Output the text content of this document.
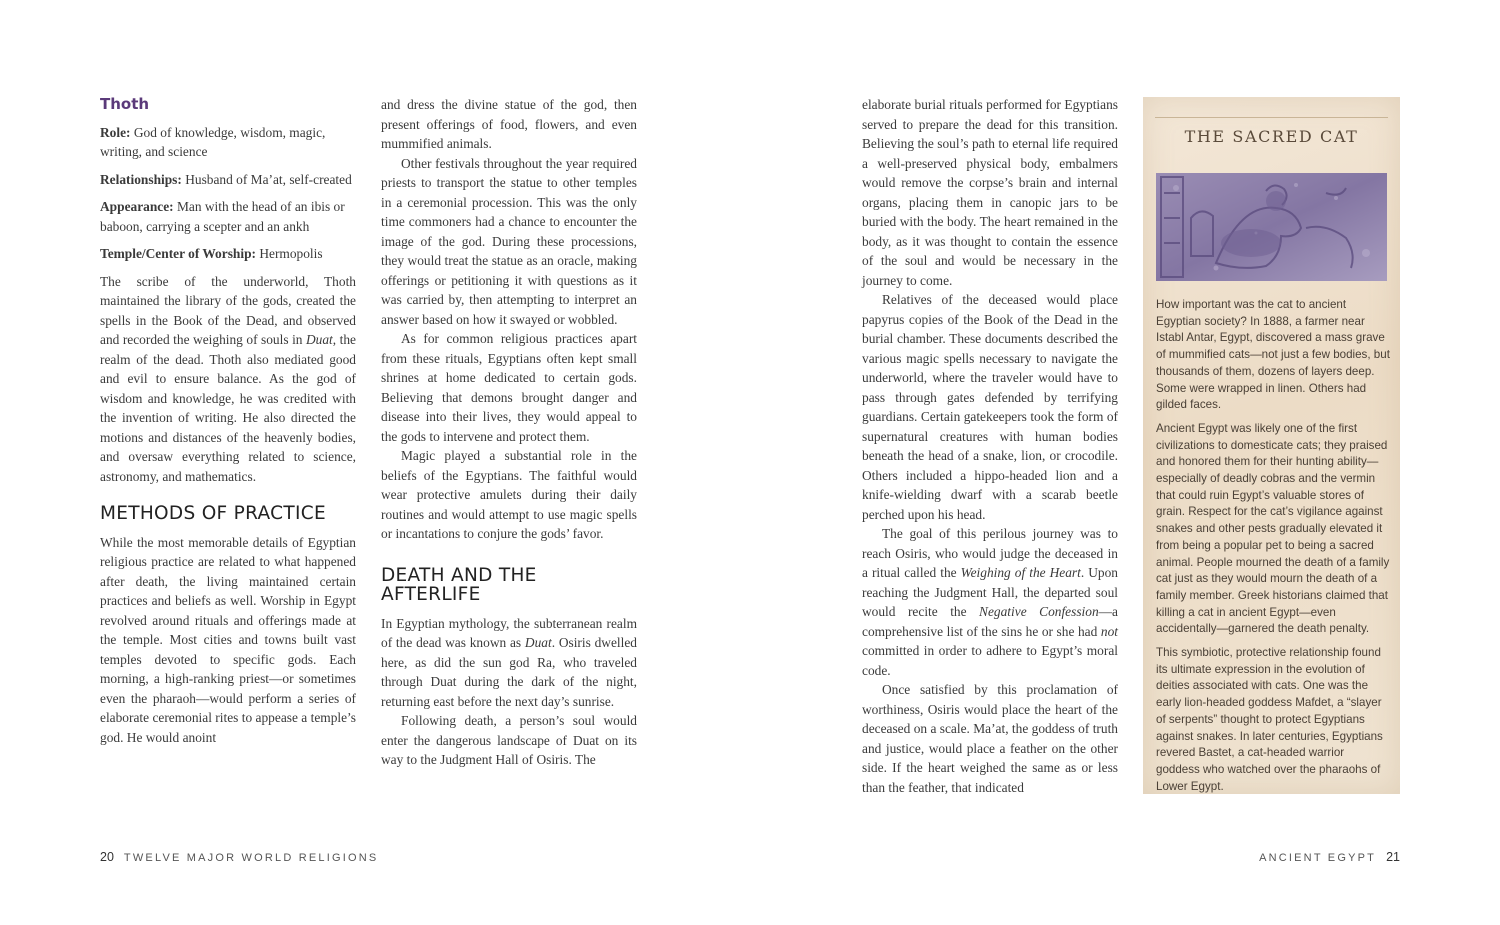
Thoth

Role: God of knowledge, wisdom, magic, writing, and science

Relationships: Husband of Ma’at, self-created

Appearance: Man with the head of an ibis or baboon, carrying a scepter and an ankh

Temple/Center of Worship: Hermopolis

The scribe of the underworld, Thoth maintained the library of the gods, created the spells in the Book of the Dead, and observed and recorded the weighing of souls in Duat, the realm of the dead. Thoth also mediated good and evil to ensure balance. As the god of wisdom and knowledge, he was credited with the invention of writing. He also directed the motions and distances of the heavenly bodies, and oversaw everything related to science, astronomy, and mathematics.

METHODS OF PRACTICE

While the most memorable details of Egyptian religious practice are related to what happened after death, the living maintained certain practices and beliefs as well. Worship in Egypt revolved around rituals and offerings made at the temple. Most cities and towns built vast temples devoted to specific gods. Each morning, a high-ranking priest—or sometimes even the pharaoh—would perform a series of elaborate ceremonial rites to appease a temple’s god. He would anoint

and dress the divine statue of the god, then present offerings of food, flowers, and even mummified animals.

Other festivals throughout the year required priests to transport the statue to other temples in a ceremonial procession. This was the only time commoners had a chance to encounter the image of the god. During these processions, they would treat the statue as an oracle, making offerings or petitioning it with questions as it was carried by, then attempting to interpret an answer based on how it swayed or wobbled.

As for common religious practices apart from these rituals, Egyptians often kept small shrines at home dedicated to certain gods. Believing that demons brought danger and disease into their lives, they would appeal to the gods to intervene and protect them.

Magic played a substantial role in the beliefs of the Egyptians. The faithful would wear protective amulets during their daily routines and would attempt to use magic spells or incantations to conjure the gods’ favor.

DEATH AND THE AFTERLIFE

In Egyptian mythology, the subterranean realm of the dead was known as Duat. Osiris dwelled here, as did the sun god Ra, who traveled through Duat during the dark of the night, returning east before the next day’s sunrise.

Following death, a person’s soul would enter the dangerous landscape of Duat on its way to the Judgment Hall of Osiris. The

elaborate burial rituals performed for Egyptians served to prepare the dead for this transition. Believing the soul’s path to eternal life required a well-preserved physical body, embalmers would remove the corpse’s brain and internal organs, placing them in canopic jars to be buried with the body. The heart remained in the body, as it was thought to contain the essence of the soul and would be necessary in the journey to come.

Relatives of the deceased would place papyrus copies of the Book of the Dead in the burial chamber. These documents described the various magic spells necessary to navigate the underworld, where the traveler would have to pass through gates defended by terrifying guardians. Certain gatekeepers took the form of supernatural creatures with human bodies beneath the head of a snake, lion, or crocodile. Others included a hippo-headed lion and a knife-wielding dwarf with a scarab beetle perched upon his head.

The goal of this perilous journey was to reach Osiris, who would judge the deceased in a ritual called the Weighing of the Heart. Upon reaching the Judgment Hall, the departed soul would recite the Negative Confession—a comprehensive list of the sins he or she had not committed in order to adhere to Egypt’s moral code.

Once satisfied by this proclamation of worthiness, Osiris would place the heart of the deceased on a scale. Ma’at, the goddess of truth and justice, would place a feather on the other side. If the heart weighed the same as or less than the feather, that indicated

THE SACRED CAT

How important was the cat to ancient Egyptian society? In 1888, a farmer near Istabl Antar, Egypt, discovered a mass grave of mummified cats—not just a few bodies, but thousands of them, dozens of layers deep. Some were wrapped in linen. Others had gilded faces.

Ancient Egypt was likely one of the first civilizations to domesticate cats; they praised and honored them for their hunting ability—especially of deadly cobras and the vermin that could ruin Egypt’s valuable stores of grain. Respect for the cat’s vigilance against snakes and other pests gradually elevated it from being a popular pet to being a sacred animal. People mourned the death of a family cat just as they would mourn the death of a family member. Greek historians claimed that killing a cat in ancient Egypt—even accidentally—garnered the death penalty.

This symbiotic, protective relationship found its ultimate expression in the evolution of deities associated with cats. One was the early lion-headed goddess Mafdet, a “slayer of serpents” thought to protect Egyptians against snakes. In later centuries, Egyptians revered Bastet, a cat-headed warrior goddess who watched over the pharaohs of Lower Egypt.

20 TWELVE MAJOR WORLD RELIGIONS	ANCIENT EGYPT 21
